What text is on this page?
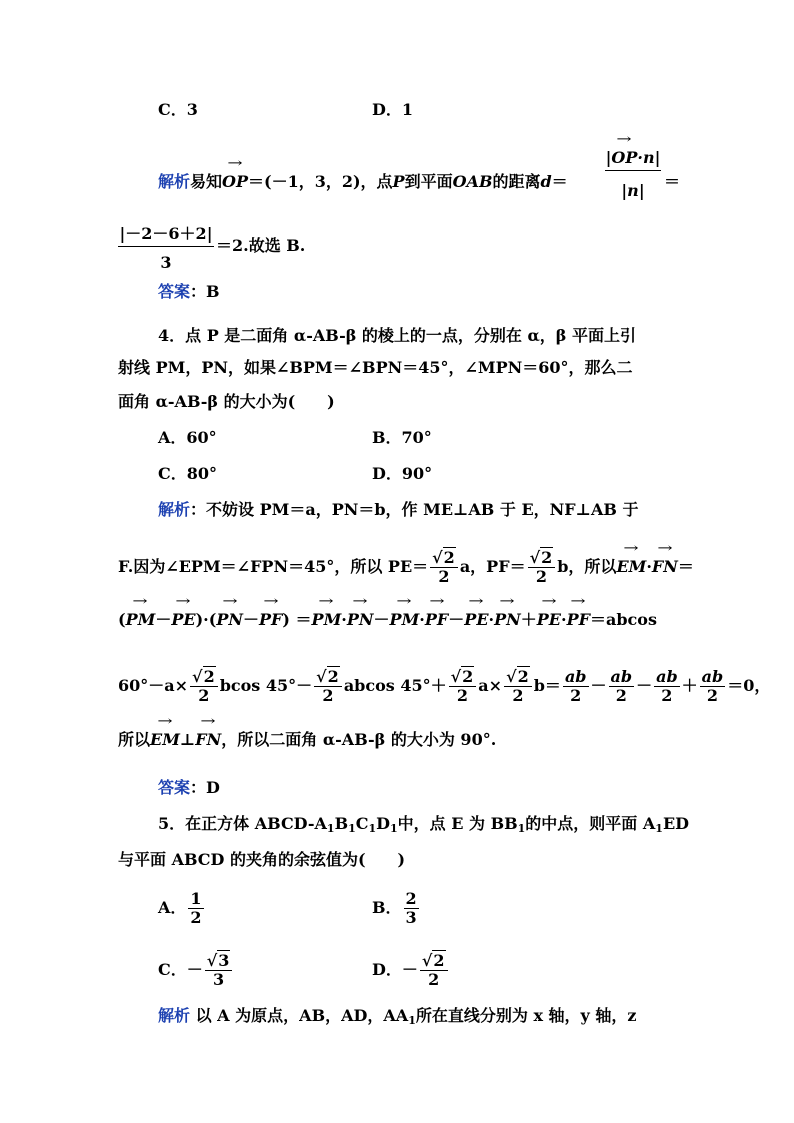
C．3	D．1
解析易知→ OP＝(－1，3，2)，点P到平面OAB的距离$d= \frac{|\to OP\cdot n|}{|n|}$ ＝
$\frac{|-2-6+2|}{3} =2$.故选 B.
答案：B
4．点 P 是二面角 α-AB-β 的棱上的一点，分别在 α，β 平面上引
射线 PM，PN，如果∠BPM＝∠BPN＝45°，∠MPN＝60°，那么二
面角 α-AB-β 的大小为(　　)
A．60°	B．70°
C．80°	D．90°
解析：不妨设 PM＝a，PN＝b，作 ME⊥AB 于 E，NF⊥AB 于
F.因为∠EPM＝∠FPN＝45°，所以 $PE= \frac{√2}{2}$ a，$PF= \frac{√2}{2}$ b，所以→ EM·→ FN＝
(→ PM－→ PE)·(→ PN－→ PF) ＝→ PM·→ PN－→ PM·→ PF－→ PE·→ PN＋→ PE·→ PF＝abcos
$60^\circ-a\times \frac{√2}{2}$ bcos $45^\circ- \frac{√2}{2}$ abcos $45^\circ+ \frac{√2}{2} a\times \frac{√2}{2} b= \frac{ab}{2} - \frac{ab}{2} - \frac{ab}{2} + \frac{ab}{2} =0$，
所以→ EM⊥→ FN，所以二面角 α-AB-β 的大小为 90°.
答案：D
5．在正方体 ABCD-$A_1B_1C_1D_1$中，点 E 为 $BB_1$的中点，则平面 $A_1ED$
与平面 ABCD 的夹角的余弦值为(　　)
A． $\frac{1}{2}$	B． $\frac{2}{3}$
C．－ $\frac{√3}{3}$	D．－ $\frac{√2}{2}$
解析 以 A 为原点，AB，AD，$AA_1$所在直线分别为 x 轴，y 轴，z
